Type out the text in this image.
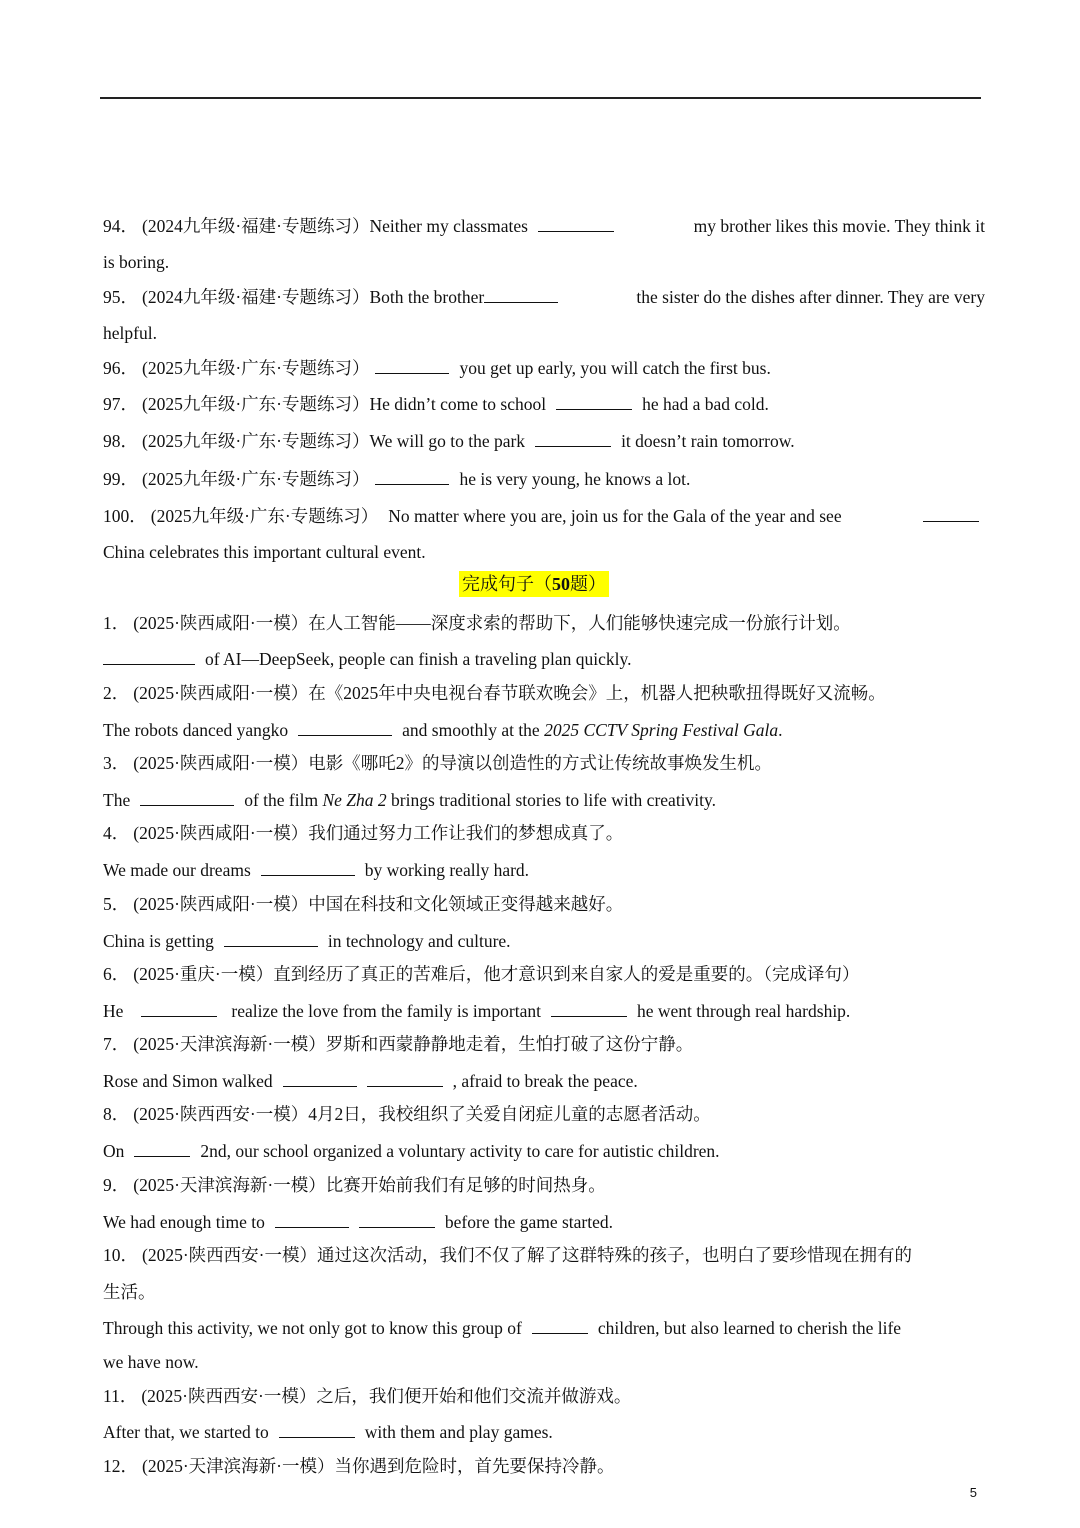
94． (2024九年级·福建·专题练习）Neither my classmates	my brother likes this movie. They think it
is boring.
95． (2024九年级·福建·专题练习）Both the brother	the sister do the dishes after dinner. They are very
helpful.
96． (2025九年级·广东·专题练习）	you get up early, you will catch the first bus.
97． (2025九年级·广东·专题练习）He didn’t come to school	he had a bad cold.
98． (2025九年级·广东·专题练习）We will go to the park	it doesn’t rain tomorrow.
99． (2025九年级·广东·专题练习）	he is very young, he knows a lot.
100． (2025九年级·广东·专题练习） No matter where you are, join us for the Gala of the year and see
China celebrates this important cultural event.
完成句子（50题）
1． (2025·陕西咸阳·一模）在人工智能——深度求索的帮助下，人们能够快速完成一份旅行计划。
of AI—DeepSeek, people can finish a traveling plan quickly.
2． (2025·陕西咸阳·一模）在《2025年中央电视台春节联欢晚会》上，机器人把秧歌扭得既好又流畅。
The robots danced yangko	and smoothly at the 2025 CCTV Spring Festival Gala.
3． (2025·陕西咸阳·一模）电影《哪吒2》的导演以创造性的方式让传统故事焕发生机。
The	of the film Ne Zha 2 brings traditional stories to life with creativity.
4． (2025·陕西咸阳·一模）我们通过努力工作让我们的梦想成真了。
We made our dreams	by working really hard.
5． (2025·陕西咸阳·一模）中国在科技和文化领域正变得越来越好。
China is getting	in technology and culture.
6． (2025·重庆·一模）直到经历了真正的苦难后，他才意识到来自家人的爱是重要的。（完成译句）
He	realize the love from the family is important	he went through real hardship.
7． (2025·天津滨海新·一模）罗斯和西蒙静静地走着，生怕打破了这份宁静。
Rose and Simon walked	, afraid to break the peace.
8． (2025·陕西西安·一模）4月2日，我校组织了关爱自闭症儿童的志愿者活动。
On	2nd, our school organized a voluntary activity to care for autistic children.
9． (2025·天津滨海新·一模）比赛开始前我们有足够的时间热身。
We had enough time to	before the game started.
10． (2025·陕西西安·一模）通过这次活动，我们不仅了解了这群特殊的孩子，也明白了要珍惜现在拥有的
生活。
Through this activity, we not only got to know this group of	children, but also learned to cherish the life
we have now.
11． (2025·陕西西安·一模）之后，我们便开始和他们交流并做游戏。
After that, we started to	with them and play games.
12． (2025·天津滨海新·一模）当你遇到危险时，首先要保持冷静。
5
